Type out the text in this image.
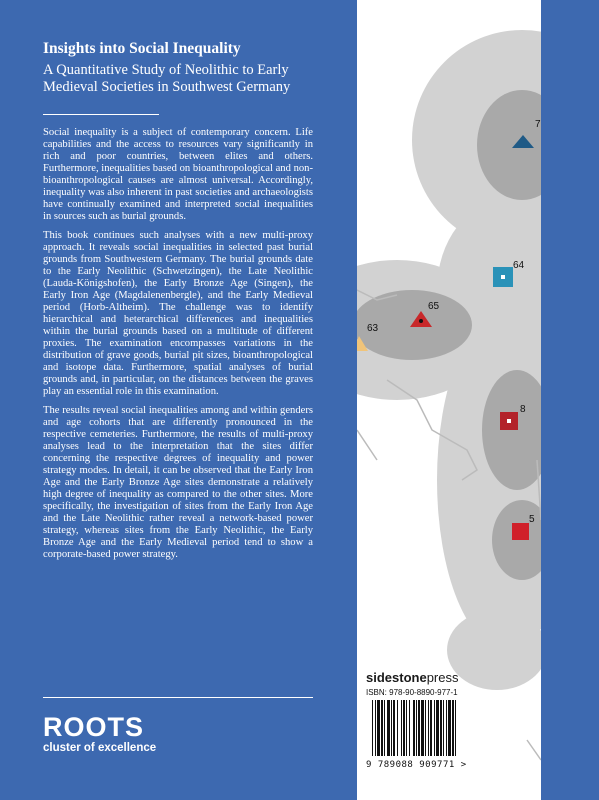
Insights into Social Inequality
A Quantitative Study of Neolithic to Early Medieval Societies in Southwest Germany

Social inequality is a subject of contemporary concern. Life capabilities and the access to resources vary significantly in rich and poor countries, between elites and others. Furthermore, inequalities based on bioanthropological and non-bioanthropological causes are almost universal. Accordingly, inequality was also inherent in past societies and archaeologists have continually examined and interpreted social inequalities in sources such as burial grounds.

This book continues such analyses with a new multi-proxy approach. It reveals social inequalities in selected past burial grounds from Southwestern Germany. The burial grounds date to the Early Neolithic (Schwetzingen), the Late Neolithic (Lauda-Königshofen), the Early Bronze Age (Singen), the Early Iron Age (Magdalenenbergle), and the Early Medieval period (Horb-Altheim). The challenge was to identify hierarchical and heterarchical differences and inequalities within the burial grounds based on a multitude of different proxies. The examination encompasses variations in the distribution of grave goods, burial pit sizes, bioanthropological and isotope data. Furthermore, spatial analyses of burial grounds and, in particular, on the distances between the graves play an essential role in this examination.

The results reveal social inequalities among and within genders and age cohorts that are differently pronounced in the respective cemeteries. Furthermore, the results of multi-proxy analyses lead to the interpretation that the sites differ concerning the respective degrees of inequality and power strategy modes. In detail, it can be observed that the Early Iron Age and the Early Bronze Age sites demonstrate a relatively high degree of inequality as compared to the other sites. More specifically, the investigation of sites from the Early Iron Age and the Late Neolithic rather reveal a network-based power strategy, whereas sites from the Early Neolithic, the Early Bronze Age and the Early Medieval period tend to show a corporate-based power strategy.

ROOTS
cluster of excellence
7
64
65
63
8
5
sidestonepress
ISBN: 978-90-8890-977-1
9 789088 909771 >
